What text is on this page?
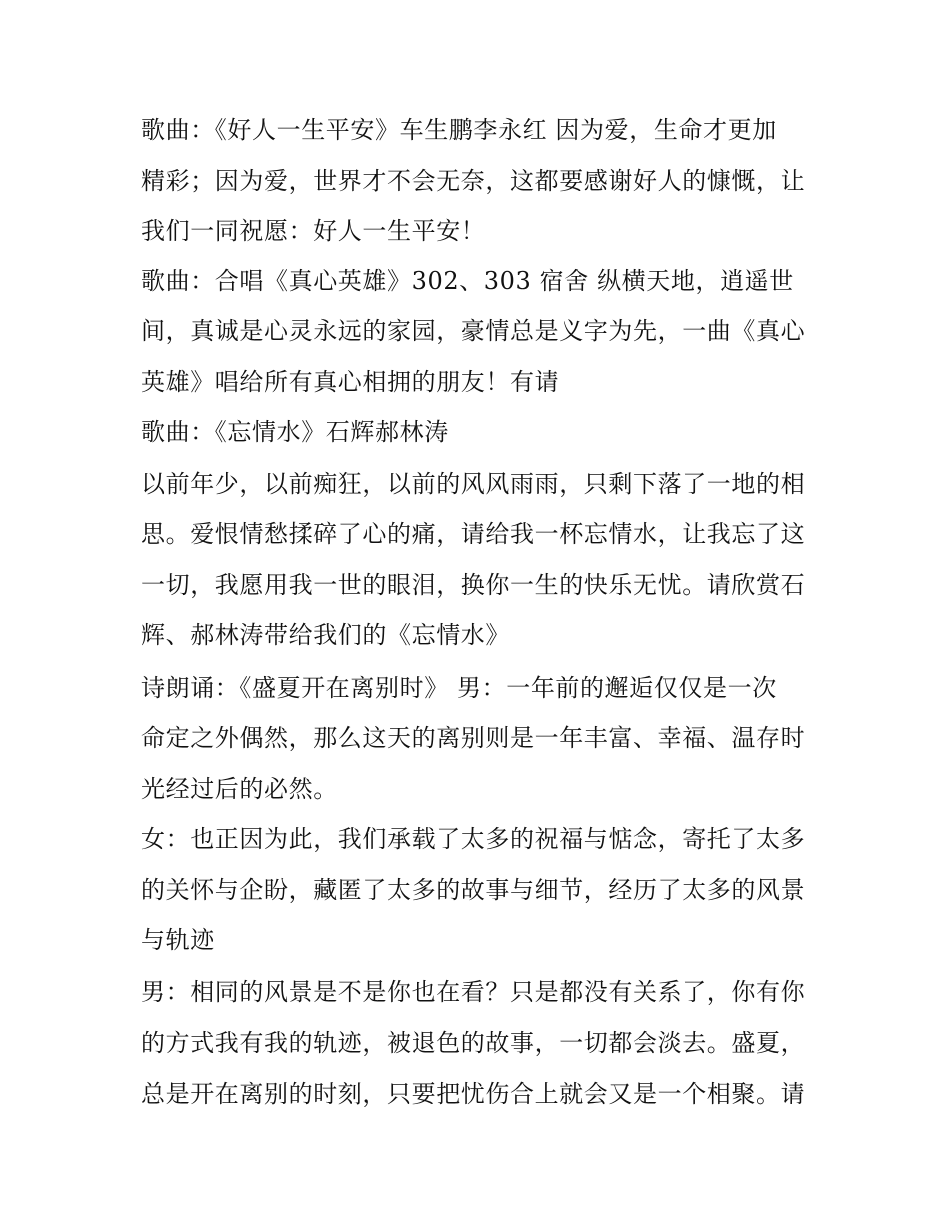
歌曲：《好人一生平安》车生鹏李永红 因为爱，生命才更加
精彩；因为爱，世界才不会无奈，这都要感谢好人的慷慨，让
我们一同祝愿：好人一生平安！
歌曲：合唱《真心英雄》302、303 宿舍 纵横天地，逍遥世
间，真诚是心灵永远的家园，豪情总是义字为先，一曲《真心
英雄》唱给所有真心相拥的朋友！有请
歌曲：《忘情水》石辉郝林涛
以前年少，以前痴狂，以前的风风雨雨，只剩下落了一地的相
思。爱恨情愁揉碎了心的痛，请给我一杯忘情水，让我忘了这
一切，我愿用我一世的眼泪，换你一生的快乐无忧。请欣赏石
辉、郝林涛带给我们的《忘情水》
诗朗诵：《盛夏开在离别时》 男：一年前的邂逅仅仅是一次
命定之外偶然，那么这天的离别则是一年丰富、幸福、温存时
光经过后的必然。
女：也正因为此，我们承载了太多的祝福与惦念，寄托了太多
的关怀与企盼，藏匿了太多的故事与细节，经历了太多的风景
与轨迹
男：相同的风景是不是你也在看？只是都没有关系了，你有你
的方式我有我的轨迹，被退色的故事，一切都会淡去。盛夏，
总是开在离别的时刻，只要把忧伤合上就会又是一个相聚。请
